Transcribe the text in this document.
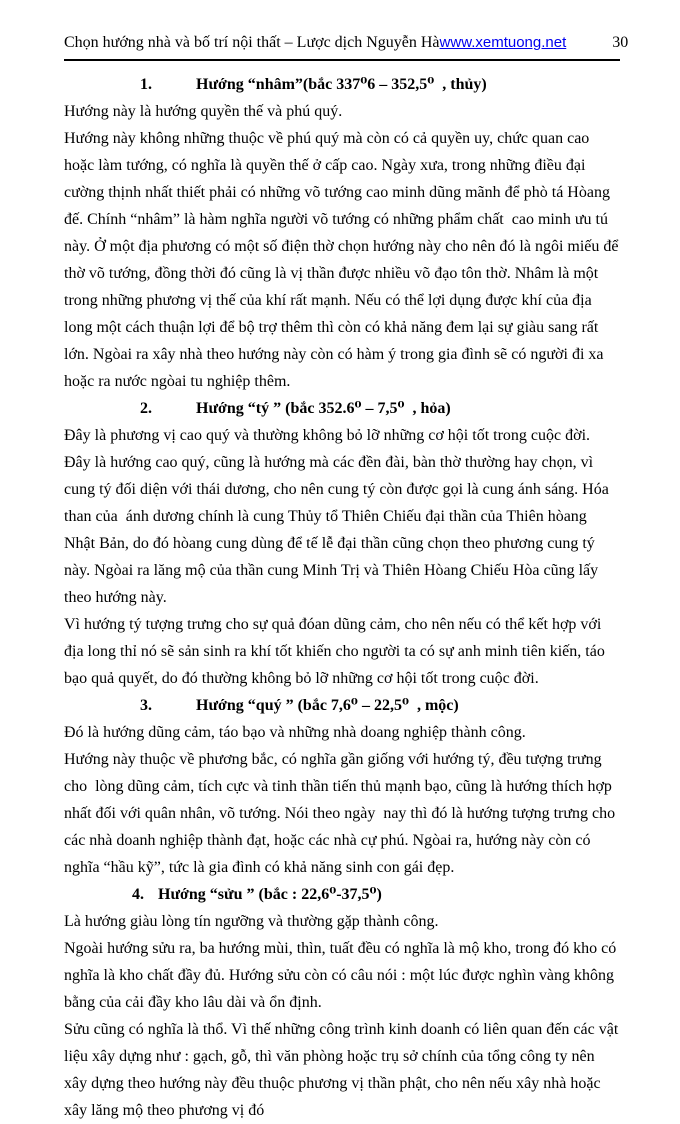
Chọn hướng nhà và bố trí nội thất – Lược dịch Nguyễn Hà www.xemtuong.net	30

1.	Hướng “nhâm”(bắc 337⁰6 – 352,5⁰  , thủy)

Hướng này là hướng quyền thế và phú quý.

Hướng này không những thuộc về phú quý mà còn có cả quyền uy, chức quan cao hoặc làm tướng, có nghĩa là quyền thế ở cấp cao. Ngày xưa, trong những điều đại cường thịnh nhất thiết phải có những võ tướng cao minh dũng mãnh để phò tá Hòang đế. Chính “nhâm” là hàm nghĩa người võ tướng có những phẩm chất  cao minh ưu tú này. Ở một địa phương có một số điện thờ chọn hướng này cho nên đó là ngôi miếu để thờ võ tướng, đồng thời đó cũng là vị thần được nhiều võ đạo tôn thờ. Nhâm là một trong những phương vị thế của khí rất mạnh. Nếu có thể lợi dụng được khí của địa long một cách thuận lợi để bộ trợ thêm thì còn có khả năng đem lại sự giàu sang rất lớn. Ngòai ra xây nhà theo hướng này còn có hàm ý trong gia đình sẽ có người đi xa hoặc ra nước ngòai tu nghiệp thêm.

2.	Hướng “tý ” (bắc 352.6⁰ – 7,5⁰  , hỏa)

Đây là phương vị cao quý và thường không bỏ lỡ những cơ hội tốt trong cuộc đời.

Đây là hướng cao quý, cũng là hướng mà các đền đài, bàn thờ thường hay chọn, vì cung tý đối diện với thái dương, cho nên cung tý còn được gọi là cung ánh sáng. Hóa than của  ánh dương chính là cung Thủy tổ Thiên Chiếu đại thần của Thiên hòang Nhật Bản, do đó hòang cung dùng để tế lễ đại thần cũng chọn theo phương cung tý này. Ngòai ra lăng mộ của thần cung Minh Trị và Thiên Hòang Chiếu Hòa cũng lấy theo hướng này.

Vì hướng tý tượng trưng cho sự quả đóan dũng cảm, cho nên nếu có thể kết hợp với địa long thỉ nó sẽ sản sinh ra khí tốt khiến cho người ta có sự anh minh tiên kiến, táo bạo quả quyết, do đó thường không bỏ lỡ những cơ hội tốt trong cuộc đời.

3.	Hướng “quý ” (bắc 7,6⁰ – 22,5⁰  , mộc)

Đó là hướng dũng cảm, táo bạo và những nhà doang nghiệp thành công.

Hướng này thuộc về phương bắc, có nghĩa gần giống với hướng tý, đều tượng trưng cho  lòng dũng cảm, tích cực và tinh thần tiến thủ mạnh bạo, cũng là hướng thích hợp nhất đối với quân nhân, võ tướng. Nói theo ngày  nay thì đó là hướng tượng trưng cho các nhà doanh nghiệp thành đạt, hoặc các nhà cự phú. Ngòai ra, hướng này còn có nghĩa “hầu kỹ”, tức là gia đình có khả năng sinh con gái đẹp.

4. Hướng “sửu ” (bắc : 22,6⁰-37,5⁰)

Là hướng giàu lòng tín ngưỡng và thường gặp thành công.

Ngoài hướng sửu ra, ba hướng mùi, thìn, tuất đều có nghĩa là mộ kho, trong đó kho có nghĩa là kho chất đầy đủ. Hướng sửu còn có câu nói : một lúc được nghìn vàng không bằng của cải đầy kho lâu dài và ổn định.

Sửu cũng có nghĩa là thổ. Vì thế những công trình kinh doanh có liên quan đến các vật liệu xây dựng như : gạch, gỗ, thì văn phòng hoặc trụ sở chính của tổng công ty nên xây dựng theo hướng này đều thuộc phương vị thần phật, cho nên nếu xây nhà hoặc xây lăng mộ theo phương vị đó
